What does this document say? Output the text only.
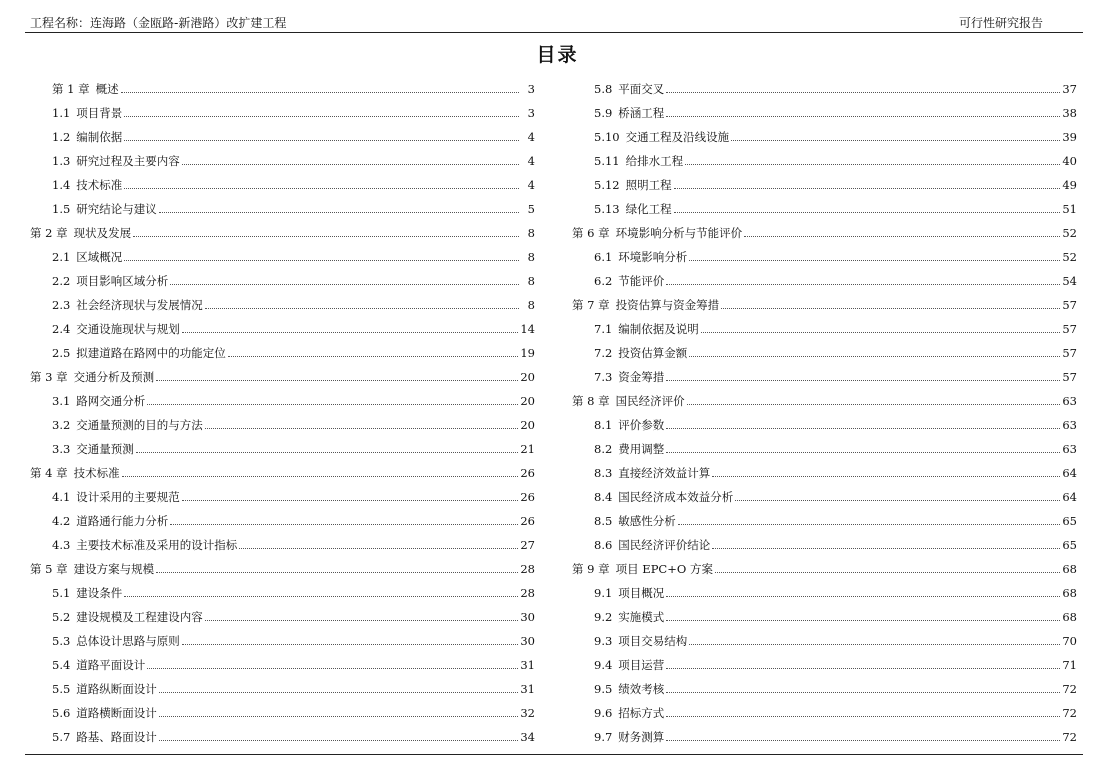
工程名称：连海路（金瓯路-新港路）改扩建工程	可行性研究报告
目录
第 1 章 概述	3
1.1 项目背景	3
1.2 编制依据	4
1.3 研究过程及主要内容	4
1.4 技术标准	4
1.5 研究结论与建议	5
第 2 章 现状及发展	8
2.1 区域概况	8
2.2 项目影响区域分析	8
2.3 社会经济现状与发展情况	8
2.4 交通设施现状与规划	14
2.5 拟建道路在路网中的功能定位	19
第 3 章 交通分析及预测	20
3.1 路网交通分析	20
3.2 交通量预测的目的与方法	20
3.3 交通量预测	21
第 4 章 技术标准	26
4.1 设计采用的主要规范	26
4.2 道路通行能力分析	26
4.3 主要技术标准及采用的设计指标	27
第 5 章 建设方案与规模	28
5.1 建设条件	28
5.2 建设规模及工程建设内容	30
5.3 总体设计思路与原则	30
5.4 道路平面设计	31
5.5 道路纵断面设计	31
5.6 道路横断面设计	32
5.7 路基、路面设计	34
5.8 平面交叉	37
5.9 桥涵工程	38
5.10 交通工程及沿线设施	39
5.11 给排水工程	40
5.12 照明工程	49
5.13 绿化工程	51
第 6 章 环境影响分析与节能评价	52
6.1 环境影响分析	52
6.2 节能评价	54
第 7 章 投资估算与资金筹措	57
7.1 编制依据及说明	57
7.2 投资估算金额	57
7.3 资金筹措	57
第 8 章 国民经济评价	63
8.1 评价参数	63
8.2 费用调整	63
8.3 直接经济效益计算	64
8.4 国民经济成本效益分析	64
8.5 敏感性分析	65
8.6 国民经济评价结论	65
第 9 章 项目 EPC+O 方案	68
9.1 项目概况	68
9.2 实施模式	68
9.3 项目交易结构	70
9.4 项目运营	71
9.5 绩效考核	72
9.6 招标方式	72
9.7 财务测算	72
